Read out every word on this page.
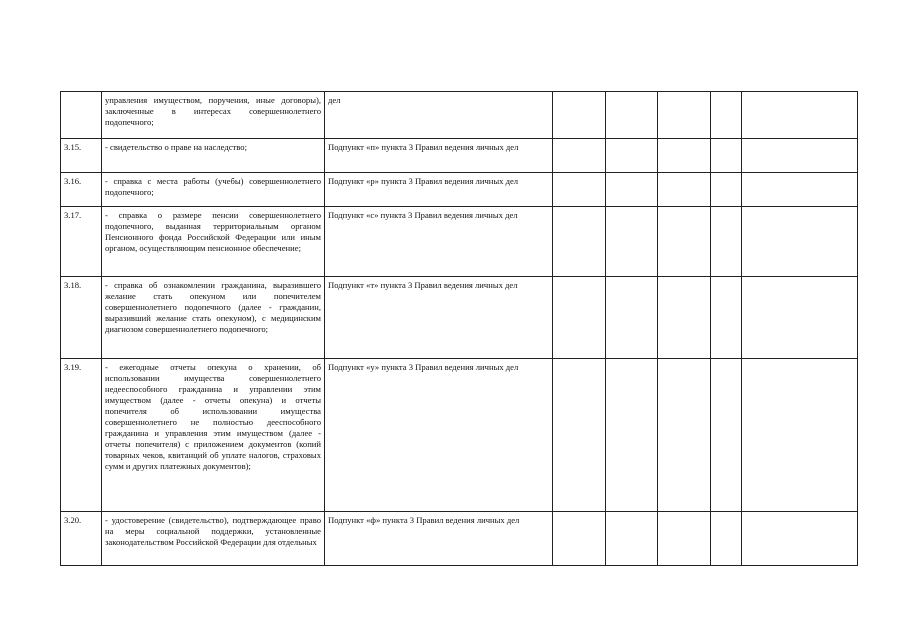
	управления имуществом, поручения, иные договоры), заключенные в интересах совершеннолетнего подопечного;	дел					
3.15.	- свидетельство о праве на наследство;	Подпункт «п» пункта 3 Правил ведения личных дел					
3.16.	- справка с места работы (учебы) совершеннолетнего подопечного;	Подпункт «р» пункта 3 Правил ведения личных дел					
3.17.	- справка о размере пенсии совершеннолетнего подопечного, выданная территориальным органом Пенсионного фонда Российской Федерации или иным органом, осуществляющим пенсионное обеспечение;	Подпункт «с» пункта 3 Правил ведения личных дел					
3.18.	- справка об ознакомлении гражданина, выразившего желание стать опекуном или попечителем совершеннолетнего подопечного (далее - гражданин, выразивший желание стать опекуном), с медицинским диагнозом совершеннолетнего подопечного;	Подпункт «т» пункта 3 Правил ведения личных дел					
3.19.	- ежегодные отчеты опекуна о хранении, об использовании имущества совершеннолетнего недееспособного гражданина и управлении этим имуществом (далее - отчеты опекуна) и отчеты попечителя об использовании имущества совершеннолетнего не полностью дееспособного гражданина и управления этим имуществом (далее - отчеты попечителя) с приложением документов (копий товарных чеков, квитанций об уплате налогов, страховых сумм и других платежных документов);	Подпункт «у» пункта 3 Правил ведения личных дел					
3.20.	- удостоверение (свидетельство), подтверждающее право на меры социальной поддержки, установленные законодательством Российской Федерации для отдельных	Подпункт «ф» пункта 3 Правил ведения личных дел					
